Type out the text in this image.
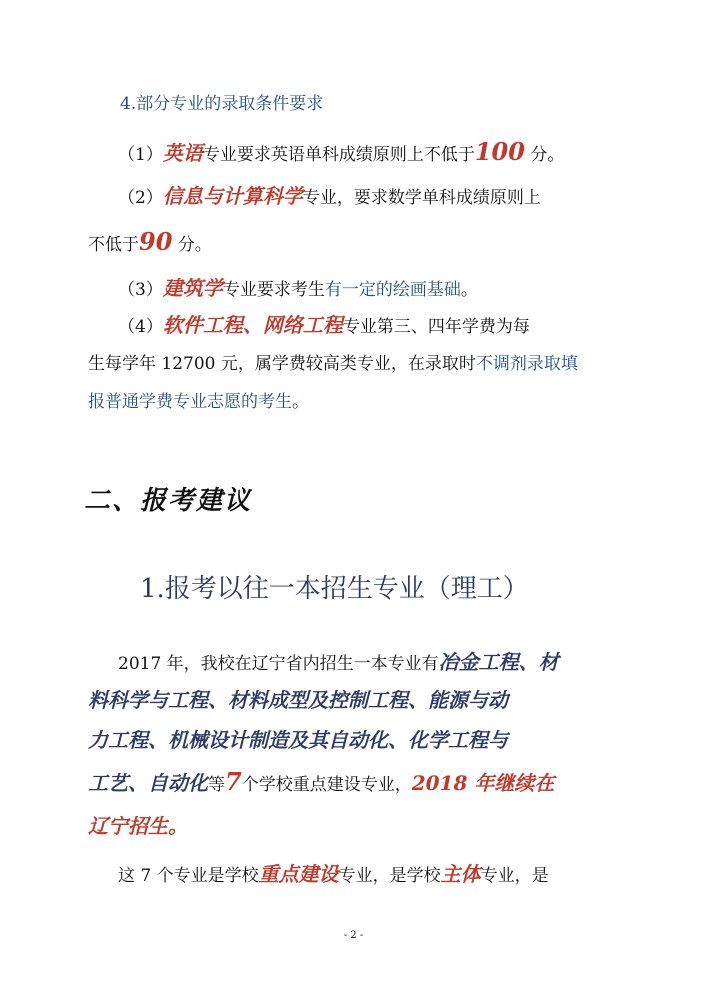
4.部分专业的录取条件要求
（1）英语专业要求英语单科成绩原则上不低于100 分。
（2）信息与计算科学专业，要求数学单科成绩原则上
不低于90 分。
（3）建筑学专业要求考生有一定的绘画基础。
（4）软件工程、网络工程专业第三、四年学费为每
生每学年 12700 元，属学费较高类专业，在录取时不调剂录取填
报普通学费专业志愿的考生。
二、报考建议
1.报考以往一本招生专业（理工）
2017 年，我校在辽宁省内招生一本专业有冶金工程、材
料科学与工程、材料成型及控制工程、能源与动
力工程、机械设计制造及其自动化、化学工程与
工艺、自动化等7个学校重点建设专业，2018 年继续在
辽宁招生。
这 7 个专业是学校重点建设专业，是学校主体专业，是
- 2 -
